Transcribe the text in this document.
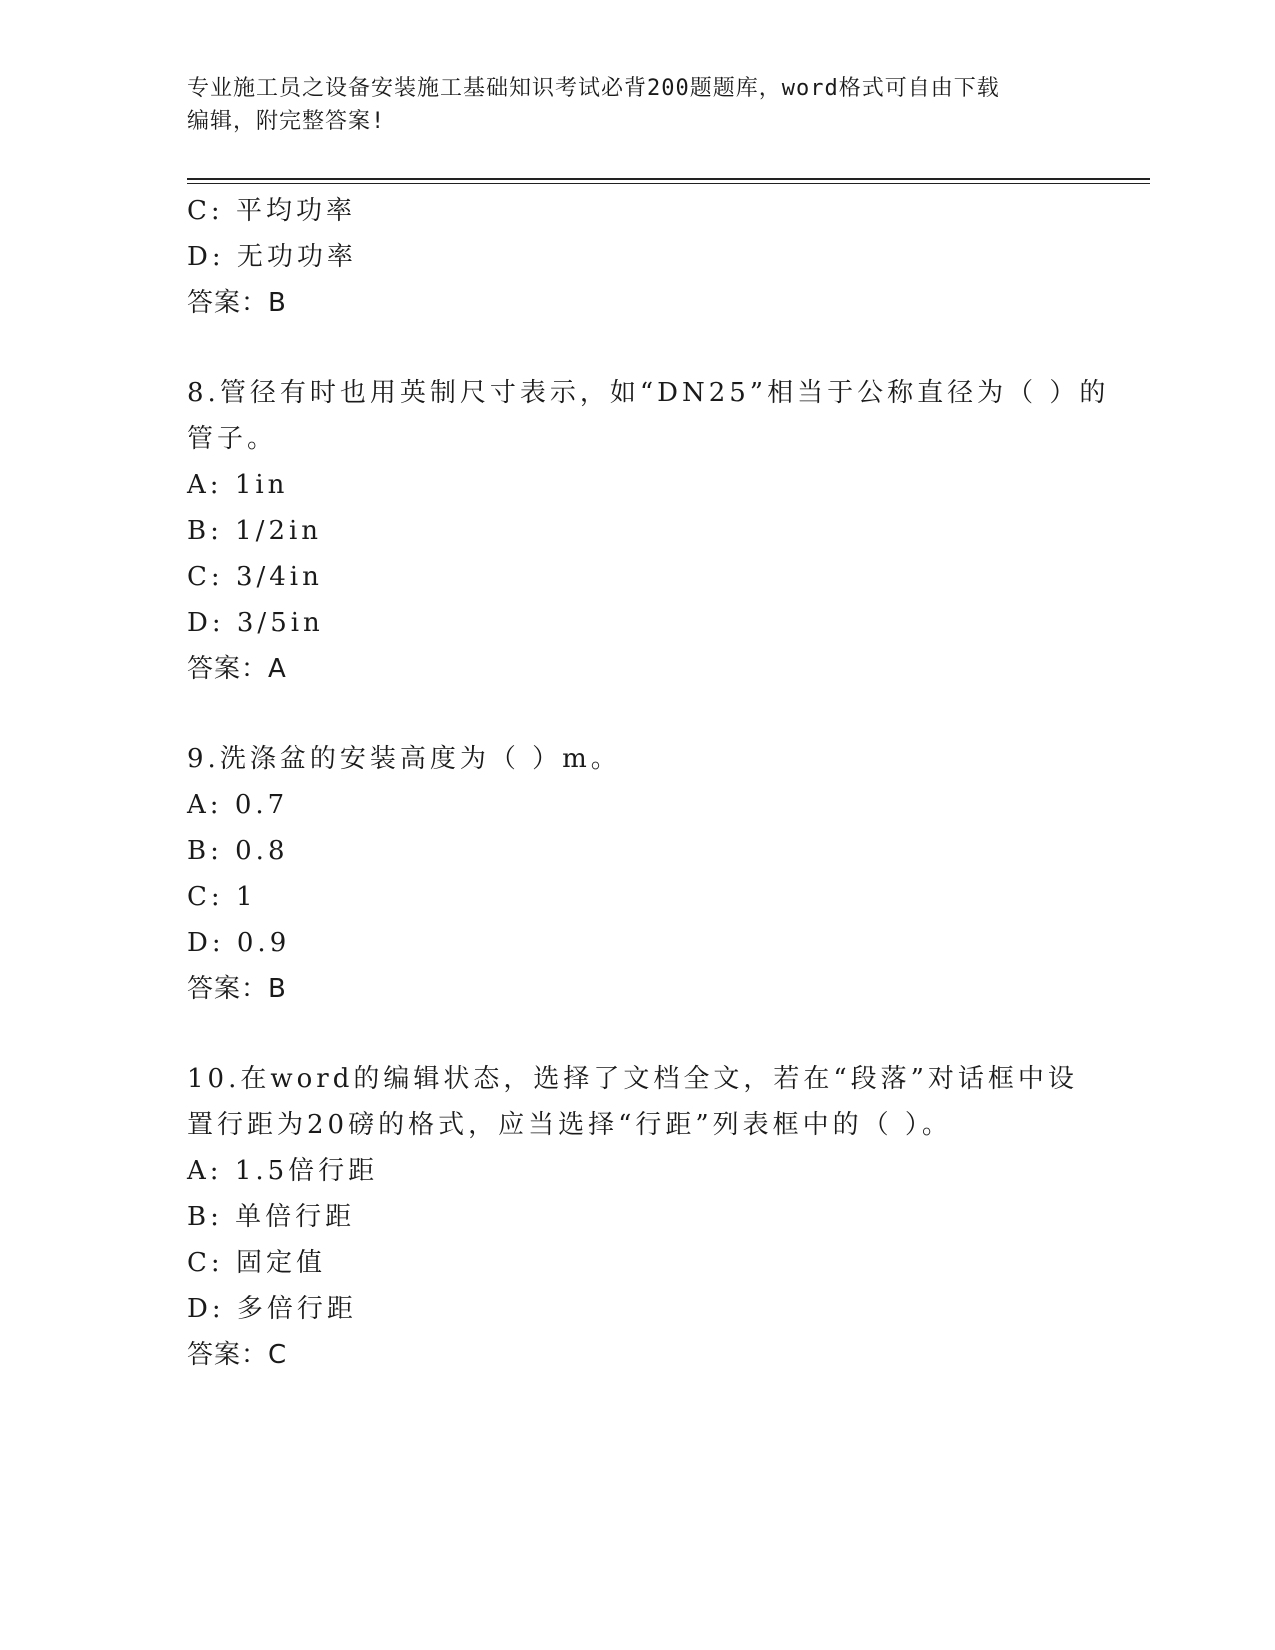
专业施工员之设备安装施工基础知识考试必背200题题库，word格式可自由下载
编辑，附完整答案!
C: 平均功率
D: 无功功率
答案：B
8.管径有时也用英制尺寸表示，如“DN25”相当于公称直径为（ ）的
管子。
A: 1in
B: 1/2in
C: 3/4in
D: 3/5in
答案：A
9.洗涤盆的安装高度为（ ）m。
A: 0.7
B: 0.8
C: 1
D: 0.9
答案：B
10.在word的编辑状态，选择了文档全文，若在“段落”对话框中设
置行距为20磅的格式，应当选择“行距”列表框中的（ ）。
A: 1.5倍行距
B: 单倍行距
C: 固定值
D: 多倍行距
答案：C
